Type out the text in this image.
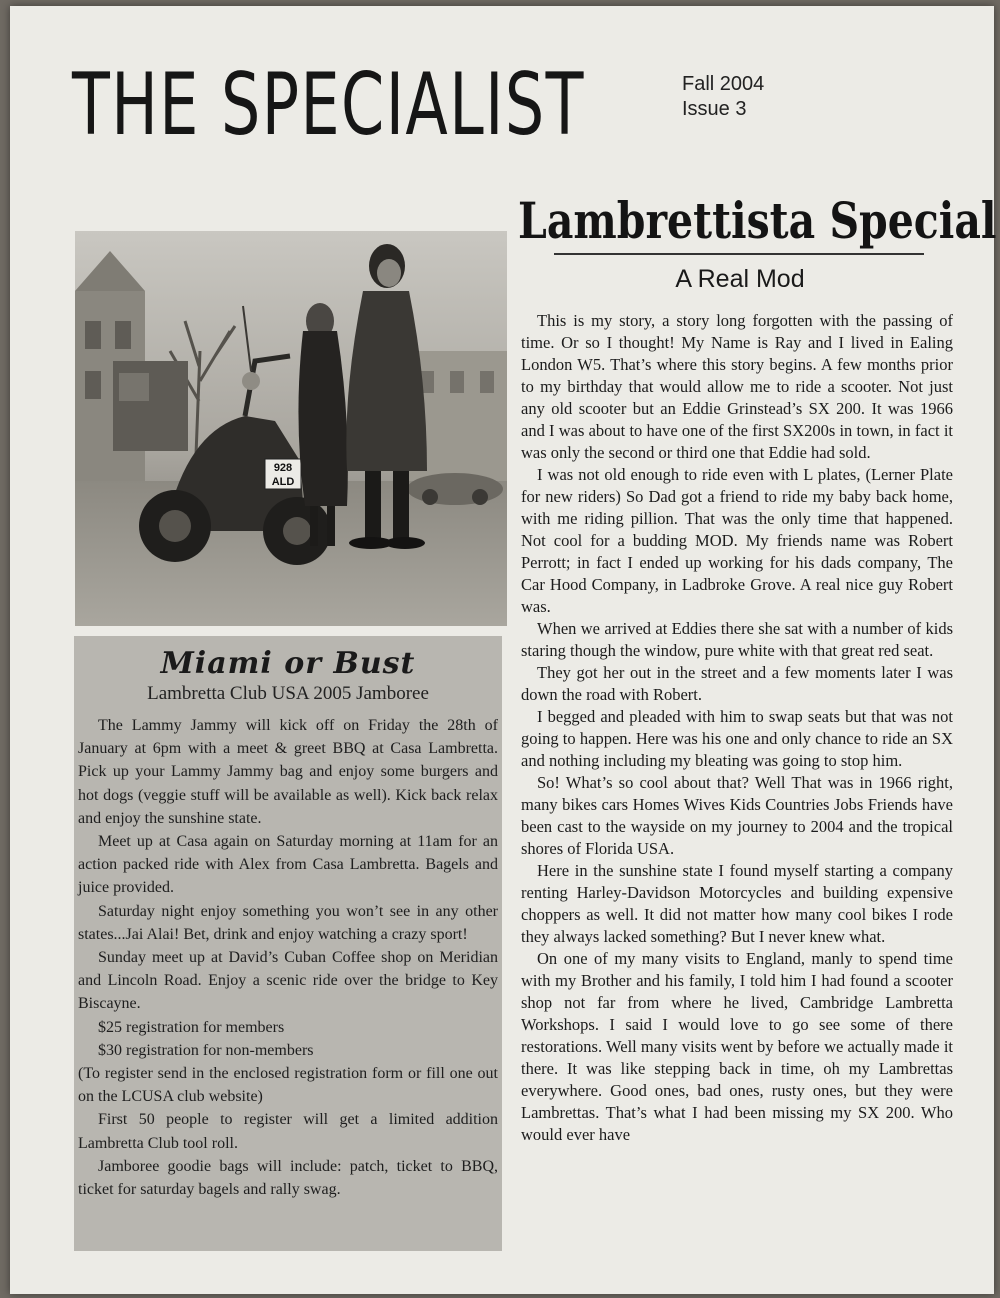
THE SPECIALIST	Fall 2004
Issue 3
Lambrettista Special
A Real Mod

This is my story, a story long forgotten with the passing of time. Or so I thought! My Name is Ray and I lived in Ealing London W5. That’s where this story begins. A few months prior to my birthday that would allow me to ride a scooter. Not just any old scooter but an Eddie Grinstead’s SX 200. It was 1966 and I was about to have one of the first SX200s in town, in fact it was only the second or third one that Eddie had sold.

I was not old enough to ride even with L plates, (Lerner Plate for new riders) So Dad got a friend to ride my baby back home, with me riding pillion. That was the only time that happened. Not cool for a budding MOD. My friends name was Robert Perrott; in fact I ended up working for his dads company, The Car Hood Company, in Ladbroke Grove. A real nice guy Robert was.

When we arrived at Eddies there she sat with a number of kids staring though the window, pure white with that great red seat.

They got her out in the street and a few moments later I was down the road with Robert.

I begged and pleaded with him to swap seats but that was not going to happen. Here was his one and only chance to ride an SX and nothing including my bleating was going to stop him.

So! What’s so cool about that? Well That was in 1966 right, many bikes cars Homes Wives Kids Countries Jobs Friends have been cast to the wayside on my journey to 2004 and the tropical shores of Florida USA.

Here in the sunshine state I found myself starting a company renting Harley-Davidson Motorcycles and building expensive choppers as well. It did not matter how many cool bikes I rode they always lacked something? But I never knew what.

On one of my many visits to England, manly to spend time with my Brother and his family, I told him I had found a scooter shop not far from where he lived, Cambridge Lambretta Workshops. I said I would love to go see some of there restorations. Well many visits went by before we actually made it there. It was like stepping back in time, oh my Lambrettas everywhere. Good ones, bad ones, rusty ones, but they were Lambrettas. That’s what I had been missing my SX 200. Who would ever have

928
ALD
Miami or Bust
Lambretta Club USA 2005 Jamboree

The Lammy Jammy will kick off on Friday the 28th of January at 6pm with a meet & greet BBQ at Casa Lambretta. Pick up your Lammy Jammy bag and enjoy some burgers and hot dogs (veggie stuff will be available as well). Kick back relax and enjoy the sunshine state.

Meet up at Casa again on Saturday morning at 11am for an action packed ride with Alex from Casa Lambretta. Bagels and juice provided.

Saturday night enjoy something you won’t see in any other states...Jai Alai! Bet, drink and enjoy watching a crazy sport!

Sunday meet up at David’s Cuban Coffee shop on Meridian and Lincoln Road. Enjoy a scenic ride over the bridge to Key Biscayne.

$25 registration for members

$30 registration for non-members

(To register send in the enclosed registration form or fill one out on the LCUSA club website)

First 50 people to register will get a limited addition Lambretta Club tool roll.

Jamboree goodie bags will include: patch, ticket to BBQ, ticket for saturday bagels and rally swag.
